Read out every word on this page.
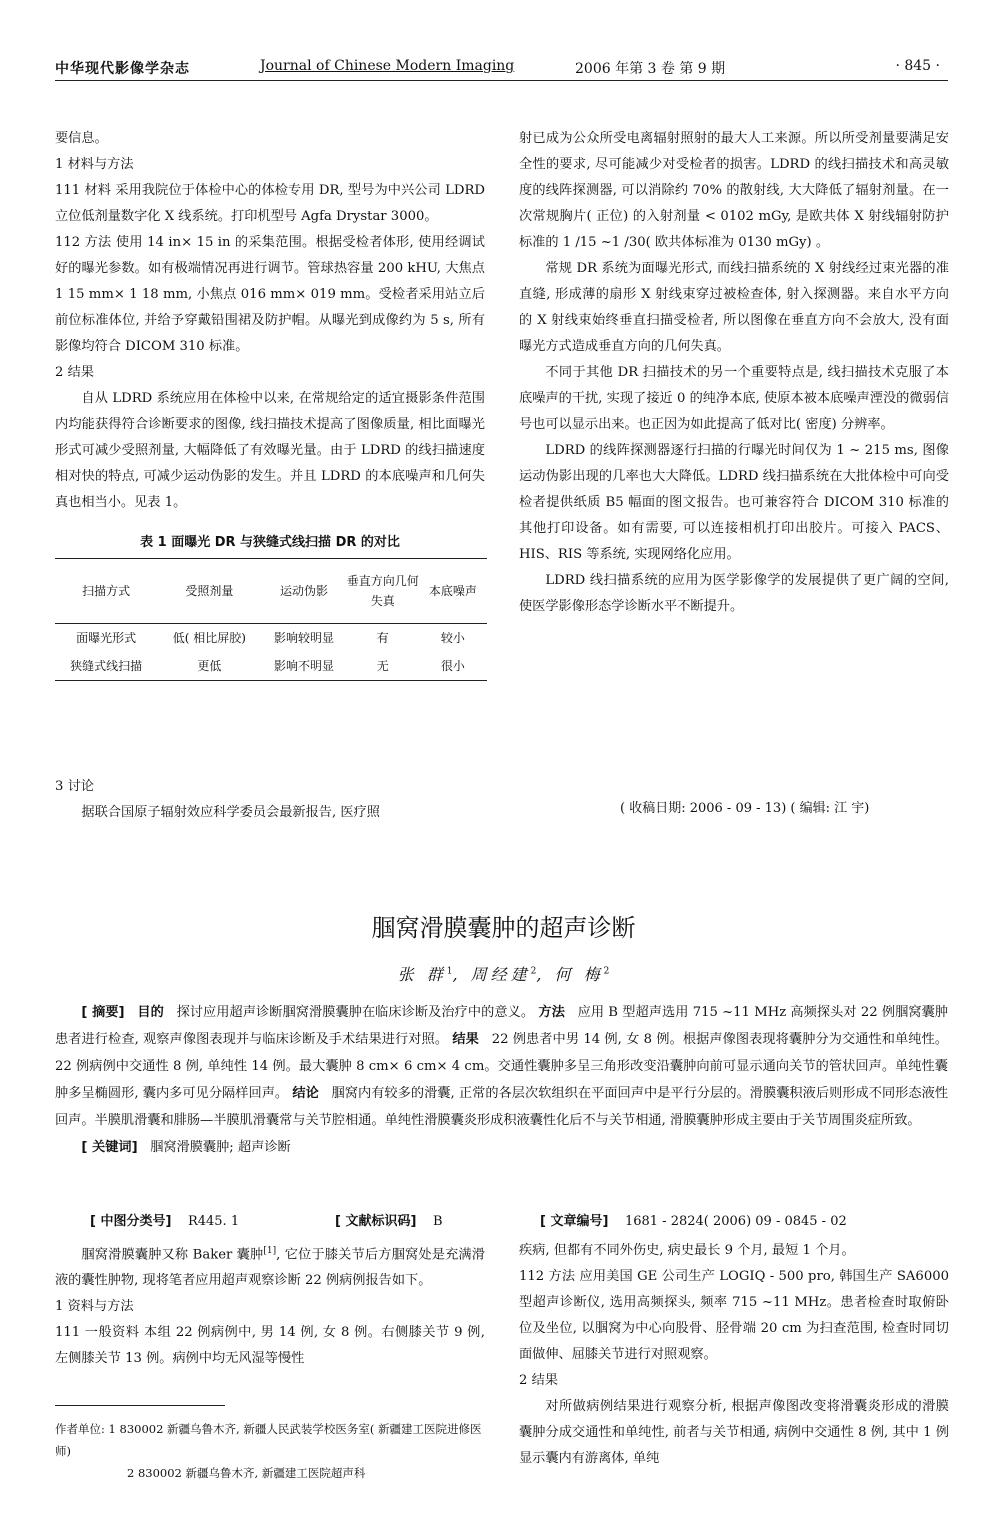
中华现代影像学杂志	Journal of Chinese Modern Imaging	2006 年第 3 卷 第 9 期	· 845 ·

要信息。

1 材料与方法

111 材料 采用我院位于体检中心的体检专用 DR, 型号为中兴公司 LDRD 立位低剂量数字化 X 线系统。打印机型号 Agfa Drystar 3000。

112 方法 使用 14 in× 15 in 的采集范围。根据受检者体形, 使用经调试好的曝光参数。如有极端情况再进行调节。管球热容量 200 kHU, 大焦点 1 15 mm× 1 18 mm, 小焦点 016 mm× 019 mm。受检者采用站立后前位标准体位, 并给予穿戴铅围裙及防护帽。从曝光到成像约为 5 s, 所有影像均符合 DICOM 310 标准。

2 结果

自从 LDRD 系统应用在体检中以来, 在常规给定的适宜摄影条件范围内均能获得符合诊断要求的图像, 线扫描技术提高了图像质量, 相比面曝光形式可减少受照剂量, 大幅降低了有效曝光量。由于 LDRD 的线扫描速度相对快的特点, 可减少运动伪影的发生。并且 LDRD 的本底噪声和几何失真也相当小。见表 1。

表 1 面曝光 DR 与狭缝式线扫描 DR 的对比
扫描方式	受照剂量	运动伪影	垂直方向几何失真	本底噪声
面曝光形式	低( 相比屏胶)	影响较明显	有	较小
狭缝式线扫描	更低	影响不明显	无	很小

3 讨论

据联合国原子辐射效应科学委员会最新报告, 医疗照

射已成为公众所受电离辐射照射的最大人工来源。所以所受剂量要满足安全性的要求, 尽可能减少对受检者的损害。LDRD 的线扫描技术和高灵敏度的线阵探测器, 可以消除约 70% 的散射线, 大大降低了辐射剂量。在一次常规胸片( 正位) 的入射剂量 < 0102 mGy, 是欧共体 X 射线辐射防护标准的 1 /15 ~1 /30( 欧共体标准为 0130 mGy) 。

常规 DR 系统为面曝光形式, 而线扫描系统的 X 射线经过束光器的准直缝, 形成薄的扇形 X 射线束穿过被检查体, 射入探测器。来自水平方向的 X 射线束始终垂直扫描受检者, 所以图像在垂直方向不会放大, 没有面曝光方式造成垂直方向的几何失真。

不同于其他 DR 扫描技术的另一个重要特点是, 线扫描技术克服了本底噪声的干扰, 实现了接近 0 的纯净本底, 使原本被本底噪声湮没的微弱信号也可以显示出来。也正因为如此提高了低对比( 密度) 分辨率。

LDRD 的线阵探测器逐行扫描的行曝光时间仅为 1 ~ 215 ms, 图像运动伪影出现的几率也大大降低。LDRD 线扫描系统在大批体检中可向受检者提供纸质 B5 幅面的图文报告。也可兼容符合 DICOM 310 标准的其他打印设备。如有需要, 可以连接相机打印出胶片。可接入 PACS、HIS、RIS 等系统, 实现网络化应用。

LDRD 线扫描系统的应用为医学影像学的发展提供了更广阔的空间, 使医学影像形态学诊断水平不断提升。

( 收稿日期: 2006 - 09 - 13) ( 编辑: 江 宇)
腘窝滑膜囊肿的超声诊断
张 群$^1$, 周经建$^2$, 何 梅$^2$

[ 摘要] 目的 探讨应用超声诊断腘窝滑膜囊肿在临床诊断及治疗中的意义。 方法 应用 B 型超声选用 715 ~11 MHz 高频探头对 22 例腘窝囊肿患者进行检查, 观察声像图表现并与临床诊断及手术结果进行对照。 结果 22 例患者中男 14 例, 女 8 例。根据声像图表现将囊肿分为交通性和单纯性。22 例病例中交通性 8 例, 单纯性 14 例。最大囊肿 8 cm× 6 cm× 4 cm。交通性囊肿多呈三角形改变沿囊肿向前可显示通向关节的管状回声。单纯性囊肿多呈椭圆形, 囊内多可见分隔样回声。 结论 腘窝内有较多的滑囊, 正常的各层次软组织在平面回声中是平行分层的。滑膜囊积液后则形成不同形态液性回声。半膜肌滑囊和腓肠—半膜肌滑囊常与关节腔相通。单纯性滑膜囊炎形成积液囊性化后不与关节相通, 滑膜囊肿形成主要由于关节周围炎症所致。

[ 关键词] 腘窝滑膜囊肿; 超声诊断

[ 中图分类号] R445. 1	[ 文献标识码] B	[ 文章编号] 1681 - 2824( 2006) 09 - 0845 - 02

腘窝滑膜囊肿又称 Baker 囊肿[1], 它位于膝关节后方腘窝处是充满滑液的囊性肿物, 现将笔者应用超声观察诊断 22 例病例报告如下。

1 资料与方法

111 一般资料 本组 22 例病例中, 男 14 例, 女 8 例。右侧膝关节 9 例, 左侧膝关节 13 例。病例中均无风湿等慢性

疾病, 但都有不同外伤史, 病史最长 9 个月, 最短 1 个月。

112 方法 应用美国 GE 公司生产 LOGIQ - 500 pro, 韩国生产 SA6000 型超声诊断仪, 选用高频探头, 频率 715 ~11 MHz。患者检查时取俯卧位及坐位, 以腘窝为中心向股骨、胫骨端 20 cm 为扫查范围, 检查时同切面做伸、屈膝关节进行对照观察。

2 结果

对所做病例结果进行观察分析, 根据声像图改变将滑囊炎形成的滑膜囊肿分成交通性和单纯性, 前者与关节相通, 病例中交通性 8 例, 其中 1 例显示囊内有游离体, 单纯

作者单位: 1 830002 新疆乌鲁木齐, 新疆人民武装学校医务室( 新疆建工医院进修医师)

2 830002 新疆乌鲁木齐, 新疆建工医院超声科
